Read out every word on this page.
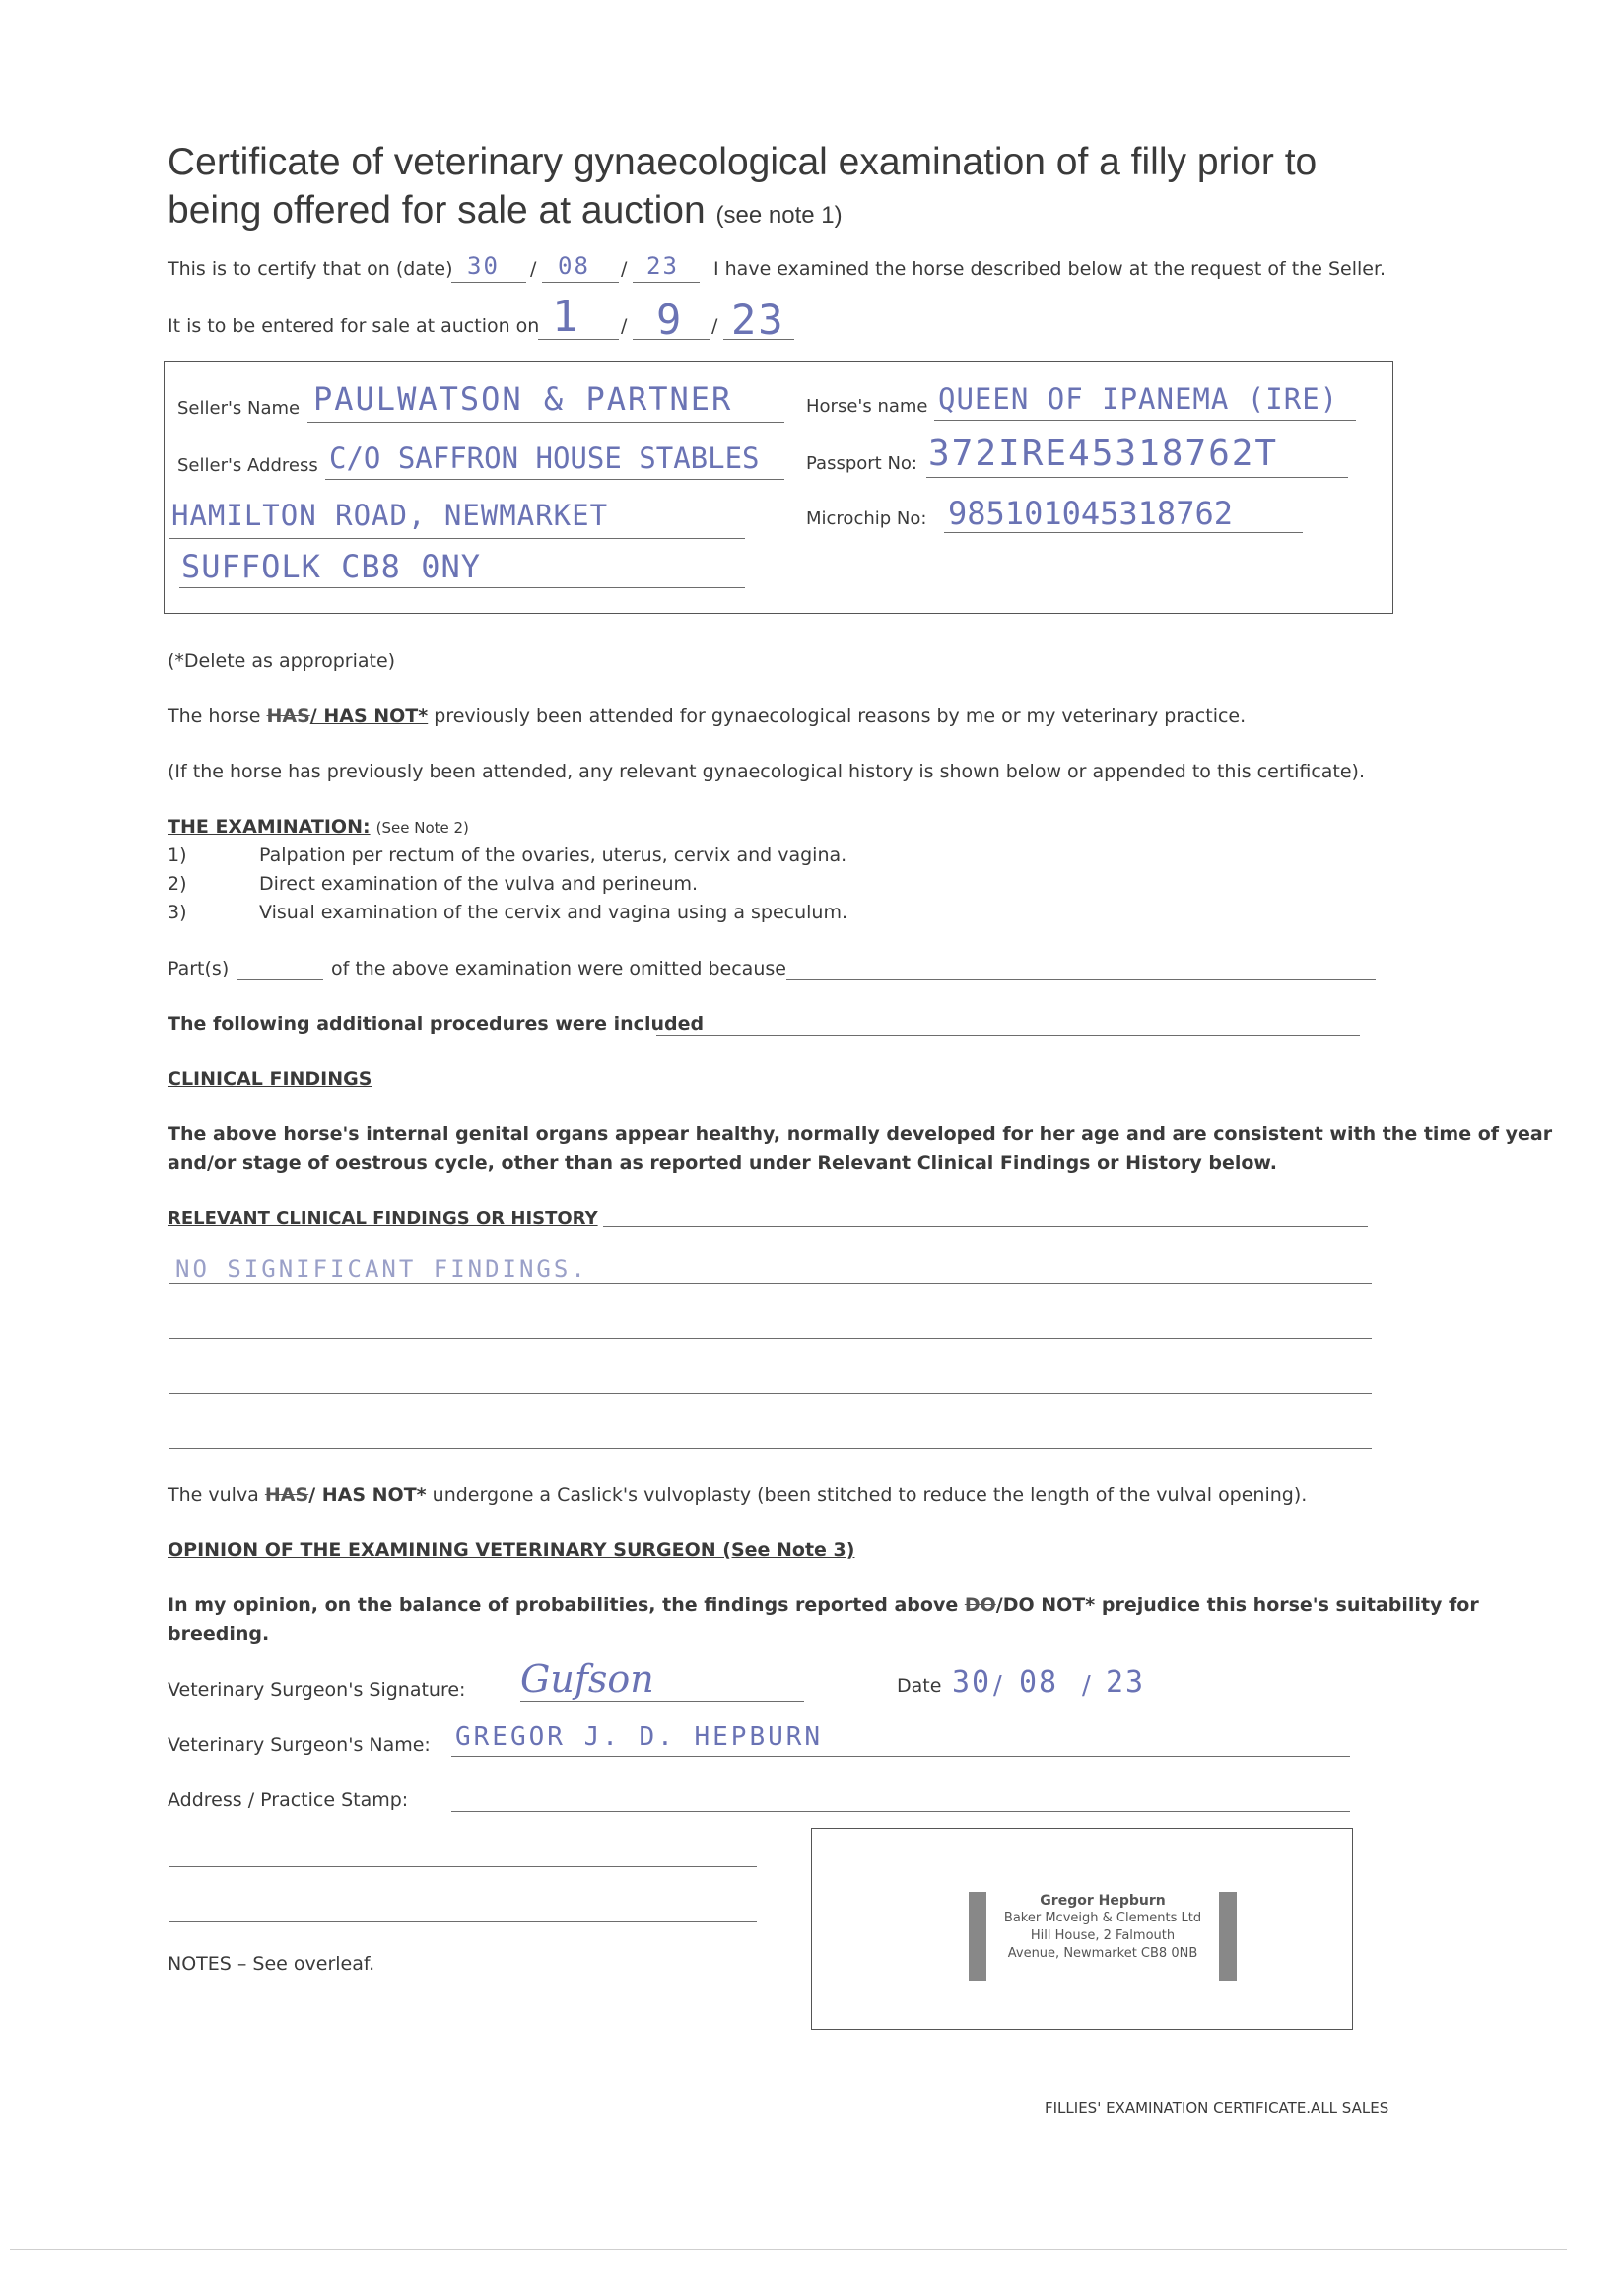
Certificate of veterinary gynaecological examination of a filly prior to
being offered for sale at auction (see note 1)
This is to certify that on (date)	/	/
30 08 23 I have examined the horse described below at the request of the Seller.
It is to be entered for sale at auction on	/	/
1 9 23
Seller's Name PAULWATSON & PARTNER	Horse's name QUEEN OF IPANEMA (IRE)
Seller's Address C/O SAFFRON HOUSE STABLES	Passport No: 372IRE45318762T
HAMILTON ROAD, NEWMARKET	Microchip No: 985101045318762
SUFFOLK CB8 0NY
(*Delete as appropriate)
The horse HAS/ HAS NOT* previously been attended for gynaecological reasons by me or my veterinary practice.
(If the horse has previously been attended, any relevant gynaecological history is shown below or appended to this certificate).
THE EXAMINATION: (See Note 2)
1)	Palpation per rectum of the ovaries, uterus, cervix and vagina.
2)	Direct examination of the vulva and perineum.
3)	Visual examination of the cervix and vagina using a speculum.
Part(s)	of the above examination were omitted because
The following additional procedures were included
CLINICAL FINDINGS
The above horse's internal genital organs appear healthy, normally developed for her age and are consistent with the time of year
and/or stage of oestrous cycle, other than as reported under Relevant Clinical Findings or History below.
RELEVANT CLINICAL FINDINGS OR HISTORY
NO SIGNIFICANT FINDINGS.
The vulva HAS/ HAS NOT* undergone a Caslick's vulvoplasty (been stitched to reduce the length of the vulval opening).
OPINION OF THE EXAMINING VETERINARY SURGEON (See Note 3)
In my opinion, on the balance of probabilities, the findings reported above DO/DO NOT* prejudice this horse's suitability for
breeding.
Veterinary Surgeon's Signature: Gufson	Date 30 / 08 / 23
Veterinary Surgeon's Name: GREGOR J. D. HEPBURN
Address / Practice Stamp:
Gregor Hepburn
Baker Mcveigh & Clements Ltd
Hill House, 2 Falmouth
Avenue, Newmarket CB8 0NB
NOTES – See overleaf.
FILLIES' EXAMINATION CERTIFICATE.ALL SALES
